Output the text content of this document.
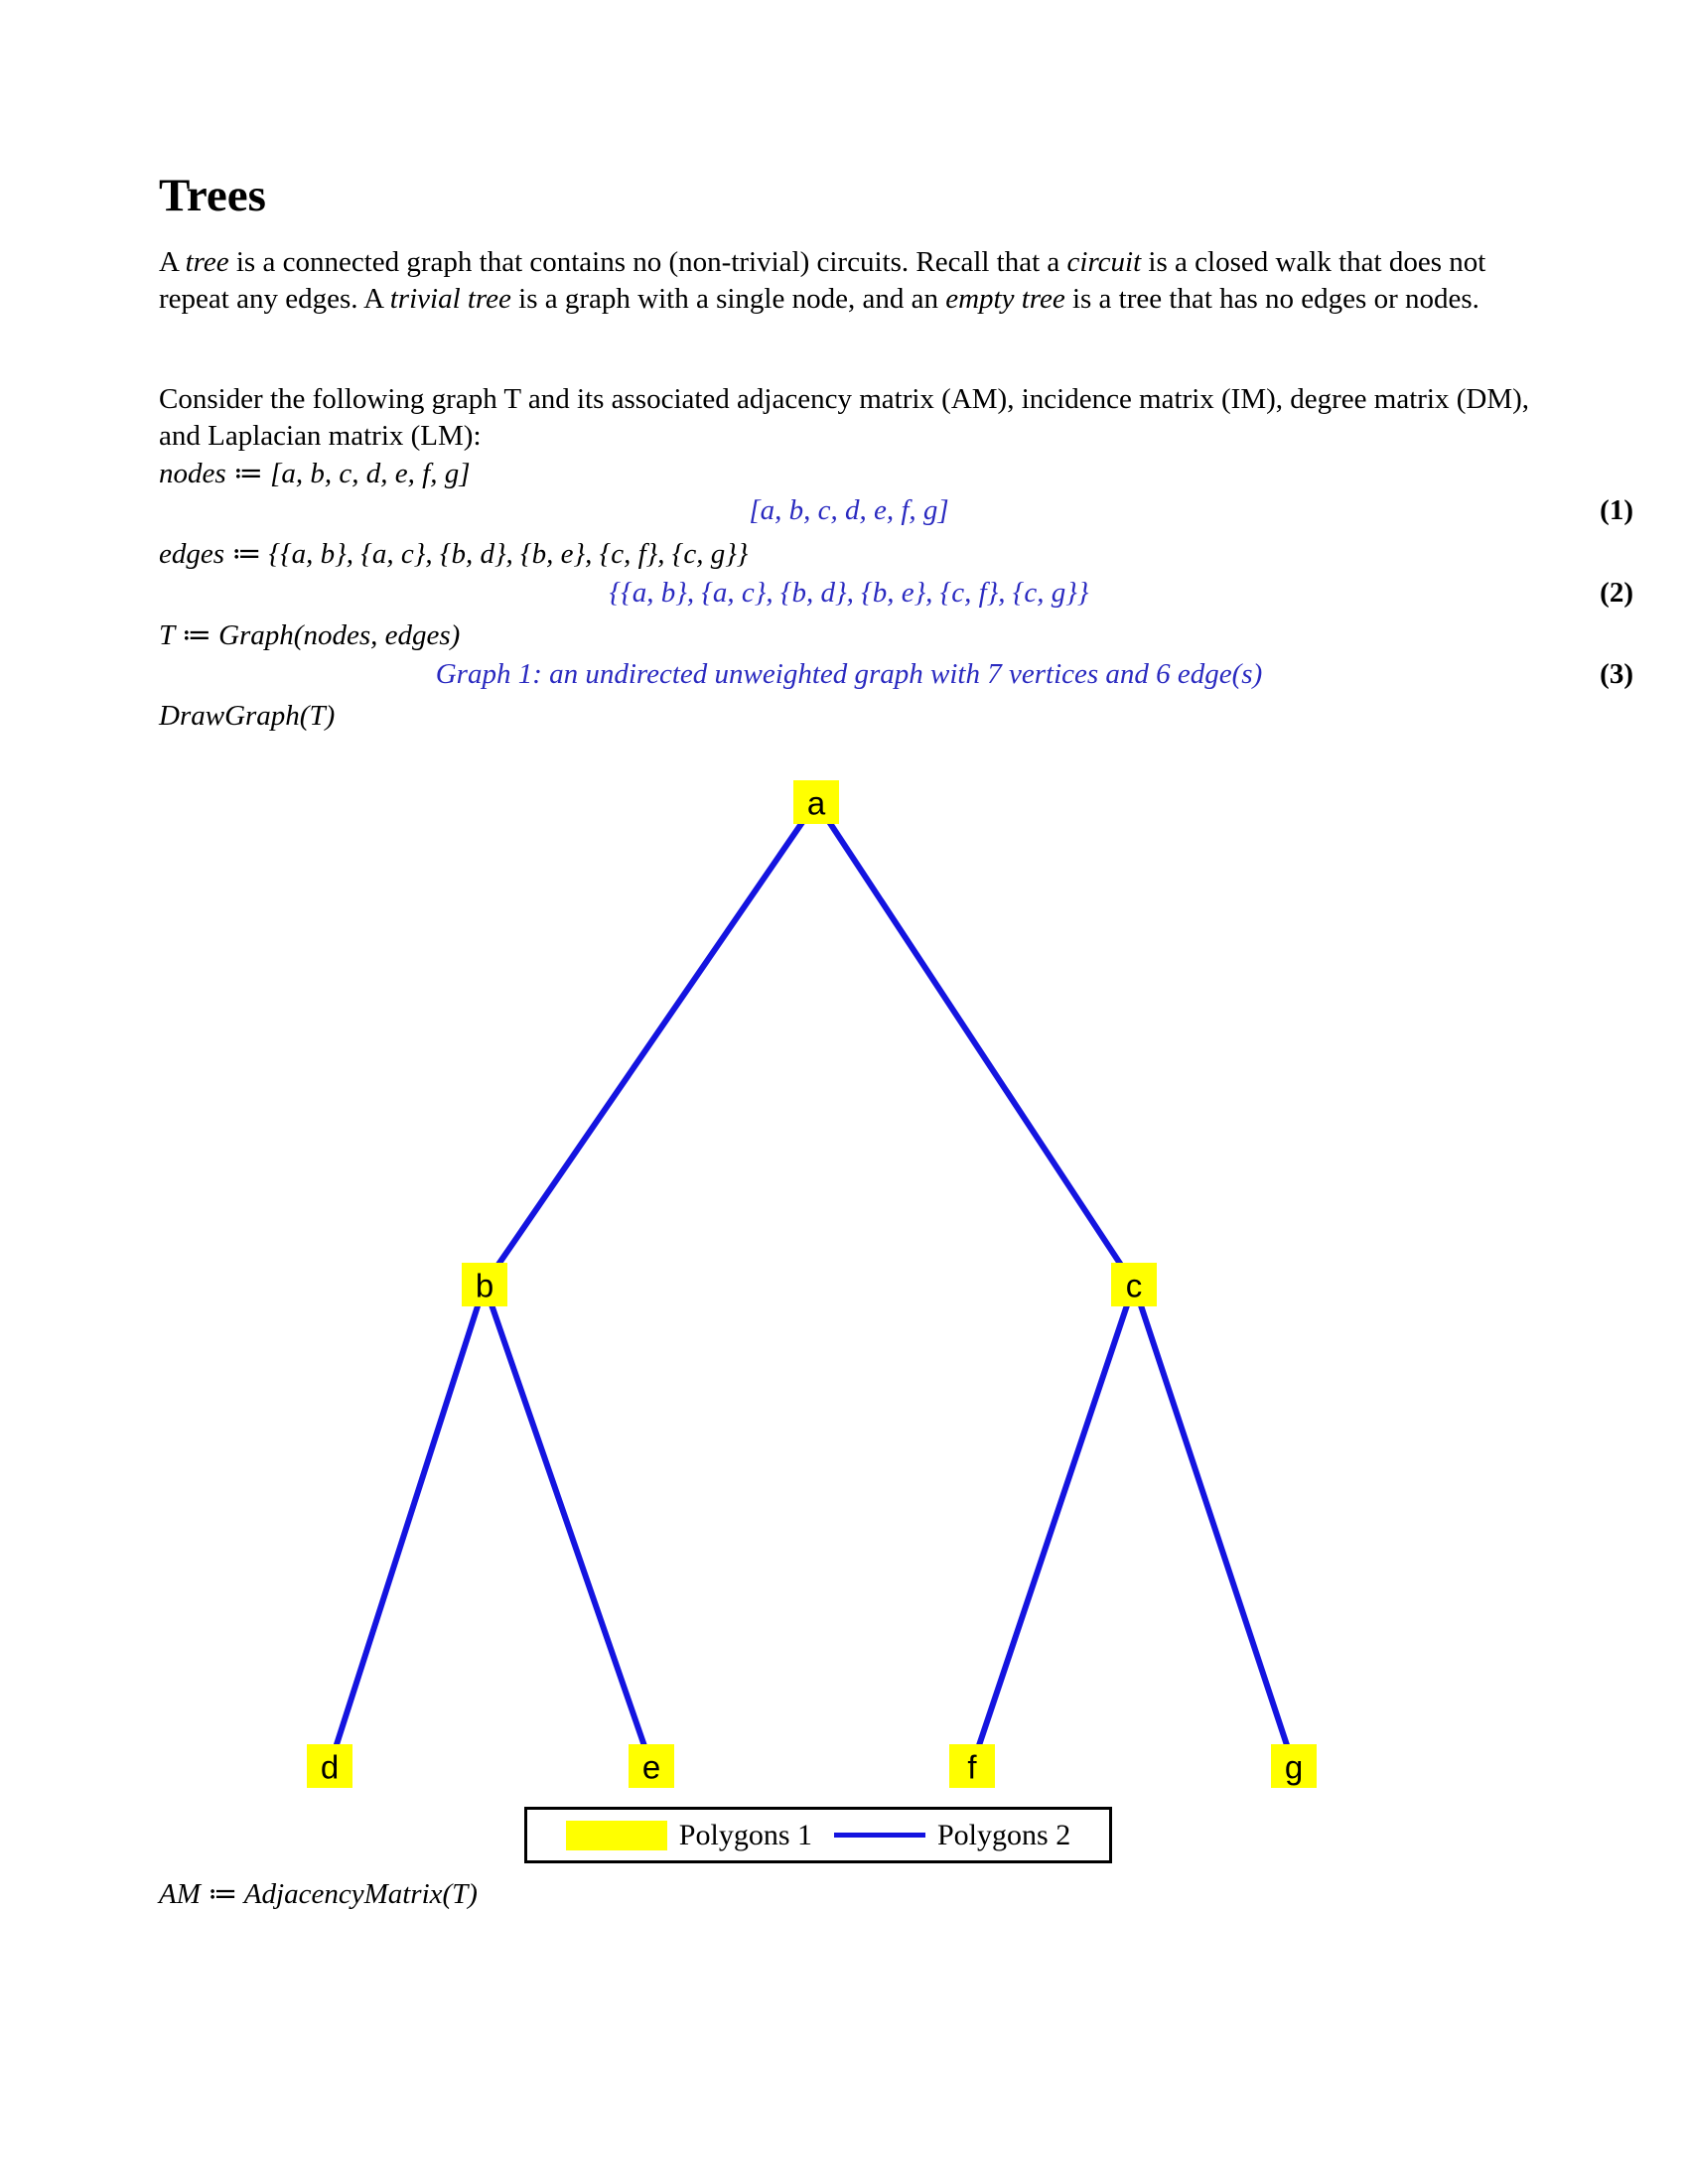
Trees

A tree is a connected graph that contains no (non-trivial) circuits. Recall that a circuit is a closed walk that does not repeat any edges. A trivial tree is a graph with a single node, and an empty tree is a tree that has no edges or nodes.

Consider the following graph T and its associated adjacency matrix (AM), incidence matrix (IM), degree matrix (DM), and Laplacian matrix (LM):

nodes ≔ [a, b, c, d, e, f, g]
[a, b, c, d, e, f, g]	(1)
edges ≔ {{a, b}, {a, c}, {b, d}, {b, e}, {c, f}, {c, g}}
{{a, b}, {a, c}, {b, d}, {b, e}, {c, f}, {c, g}}	(2)
T ≔ Graph(nodes, edges)
Graph 1: an undirected unweighted graph with 7 vertices and 6 edge(s)	(3)
DrawGraph(T)
a
b	c
d	e	f	g
Polygons 1	Polygons 2
AM ≔ AdjacencyMatrix(T)
